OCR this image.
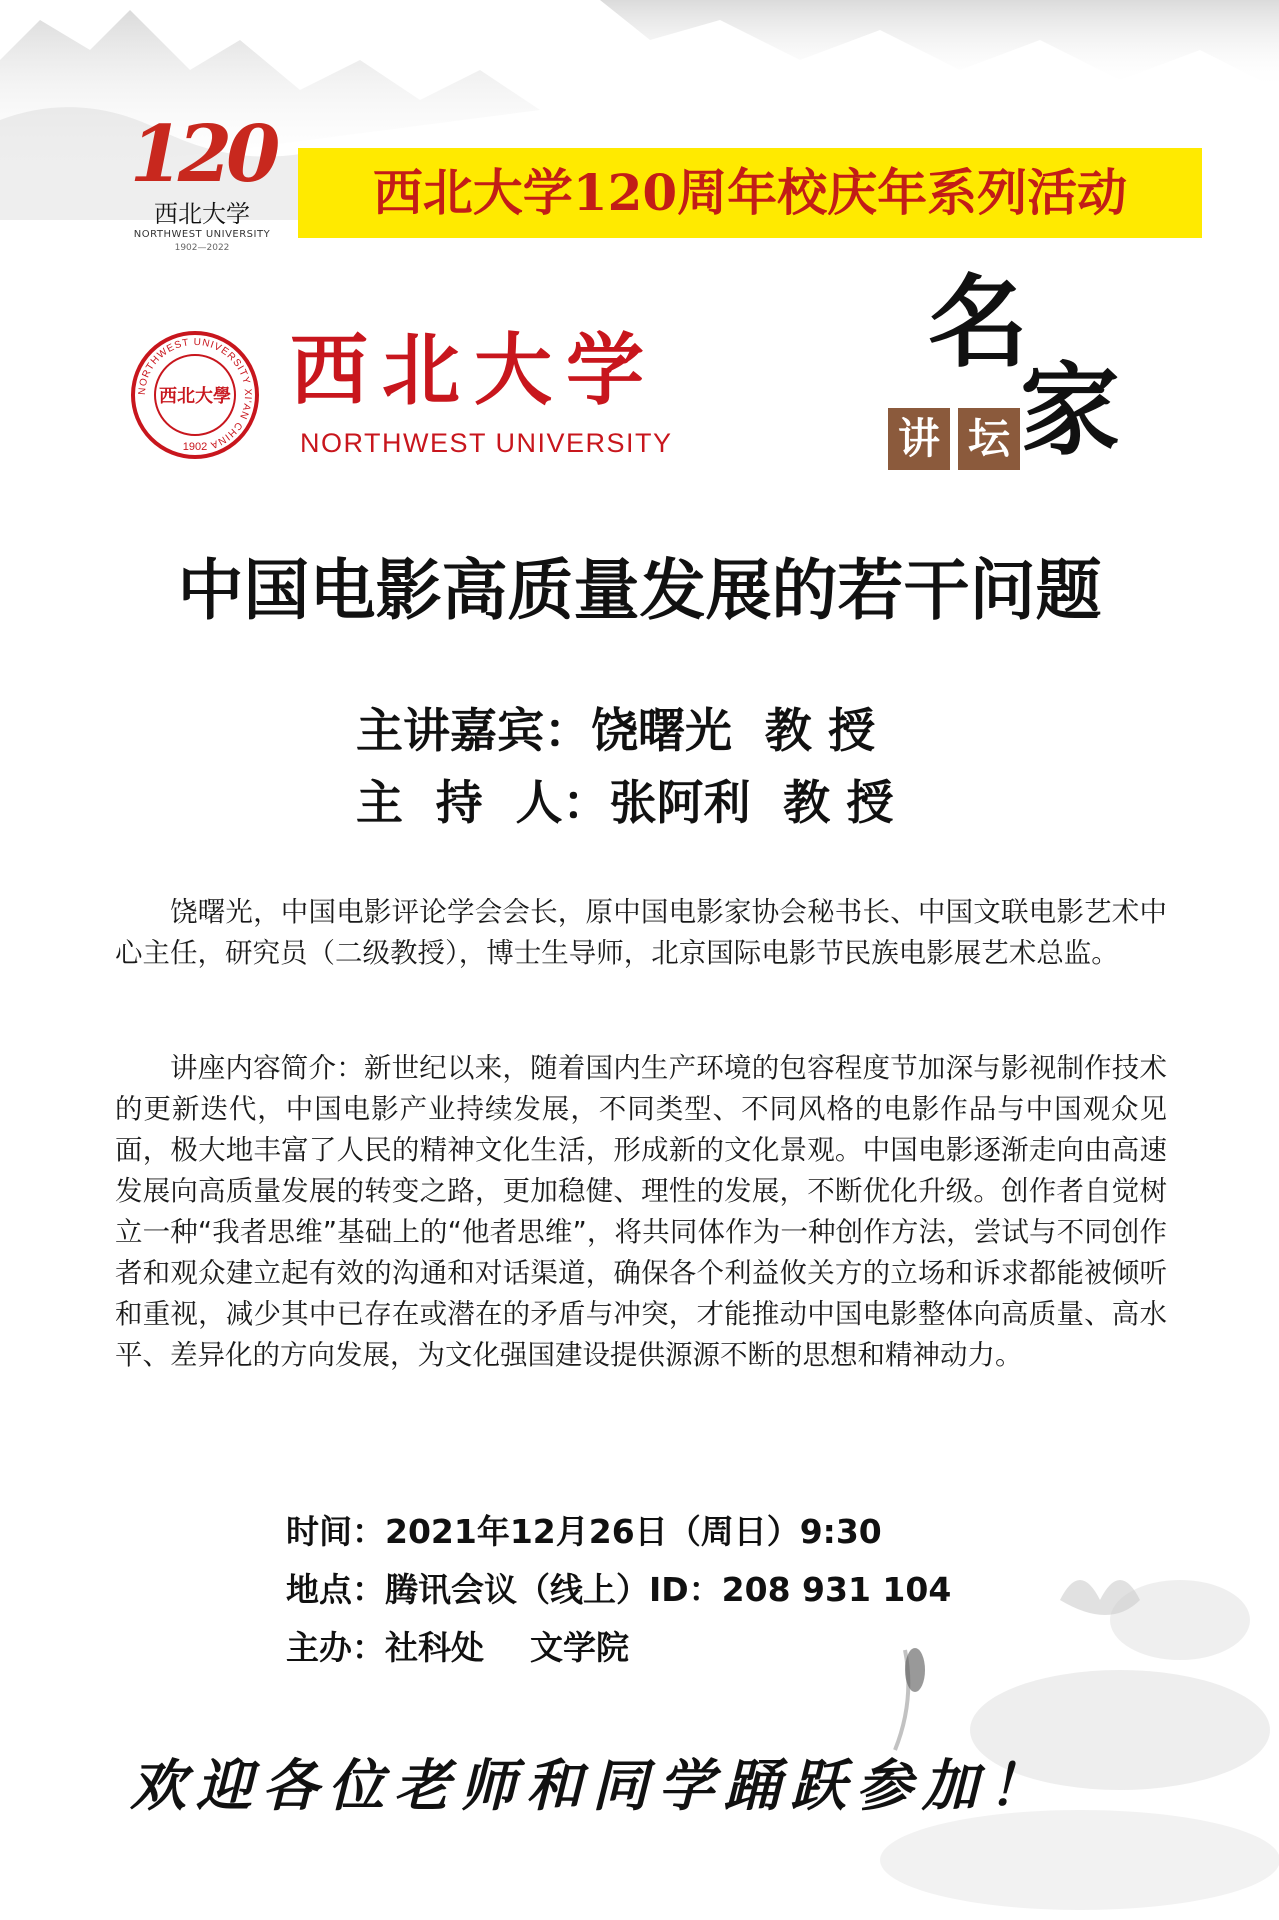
120
西北大学
NORTHWEST UNIVERSITY
1902—2022
西北大学120周年校庆年系列活动
NORTHWEST UNIVERSITY XI'AN CHINA
西北大學
1902
西北大学
NORTHWEST UNIVERSITY
名
家
讲 坛
中国电影高质量发展的若干问题
主讲嘉宾：饶曙光  教 授
主  持  人：张阿利  教 授

饶曙光，中国电影评论学会会长，原中国电影家协会秘书长、中国文联电影艺术中心主任，研究员（二级教授），博士生导师，北京国际电影节民族电影展艺术总监。

讲座内容简介：新世纪以来，随着国内生产环境的包容程度节加深与影视制作技术的更新迭代，中国电影产业持续发展，不同类型、不同风格的电影作品与中国观众见面，极大地丰富了人民的精神文化生活，形成新的文化景观。中国电影逐渐走向由高速发展向高质量发展的转变之路，更加稳健、理性的发展，不断优化升级。创作者自觉树立一种“我者思维”基础上的“他者思维”，将共同体作为一种创作方法，尝试与不同创作者和观众建立起有效的沟通和对话渠道，确保各个利益攸关方的立场和诉求都能被倾听和重视，减少其中已存在或潜在的矛盾与冲突，才能推动中国电影整体向高质量、高水平、差异化的方向发展，为文化强国建设提供源源不断的思想和精神动力。

时间：2021年12月26日（周日）9:30
地点：腾讯会议（线上）ID：208 931 104
主办：社科处    文学院
欢迎各位老师和同学踊跃参加！
